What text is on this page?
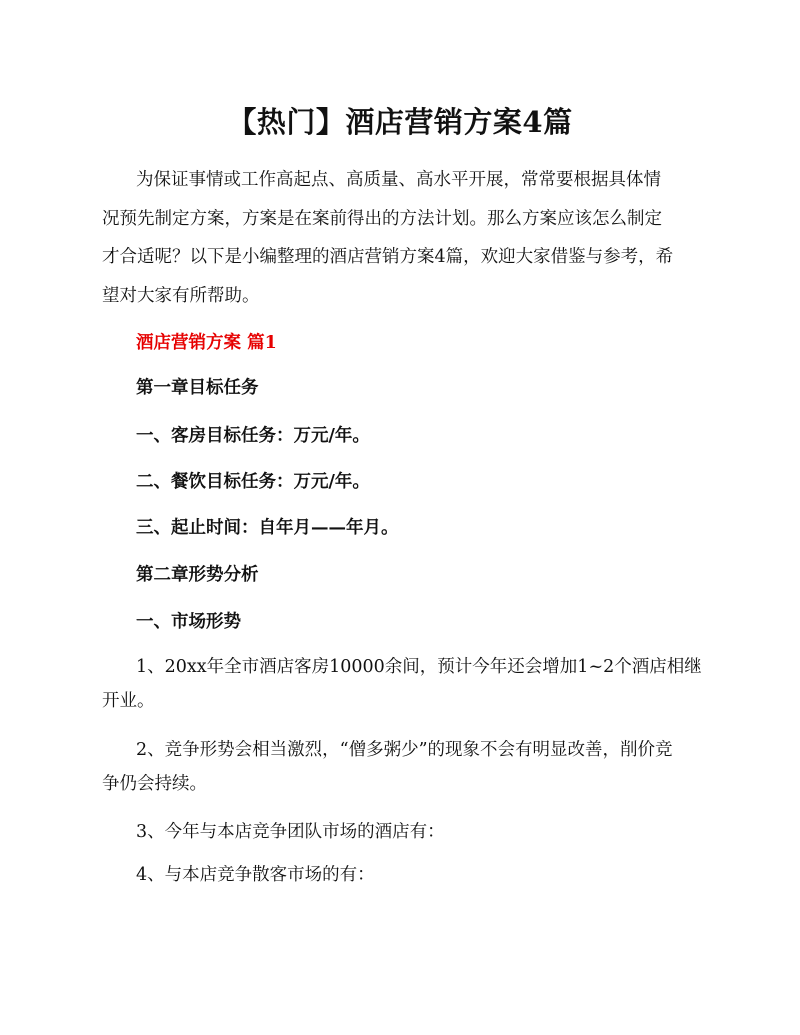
【热门】酒店营销方案4篇
为保证事情或工作高起点、高质量、高水平开展，常常要根据具体情
况预先制定方案，方案是在案前得出的方法计划。那么方案应该怎么制定
才合适呢？以下是小编整理的酒店营销方案4篇，欢迎大家借鉴与参考，希
望对大家有所帮助。
酒店营销方案 篇1
第一章目标任务
一、客房目标任务：万元/年。
二、餐饮目标任务：万元/年。
三、起止时间：自年月——年月。
第二章形势分析
一、市场形势
1、20xx年全市酒店客房10000余间，预计今年还会增加1~2个酒店相继
开业。
2、竞争形势会相当激烈，“僧多粥少”的现象不会有明显改善，削价竞
争仍会持续。
3、今年与本店竞争团队市场的酒店有：
4、与本店竞争散客市场的有：
